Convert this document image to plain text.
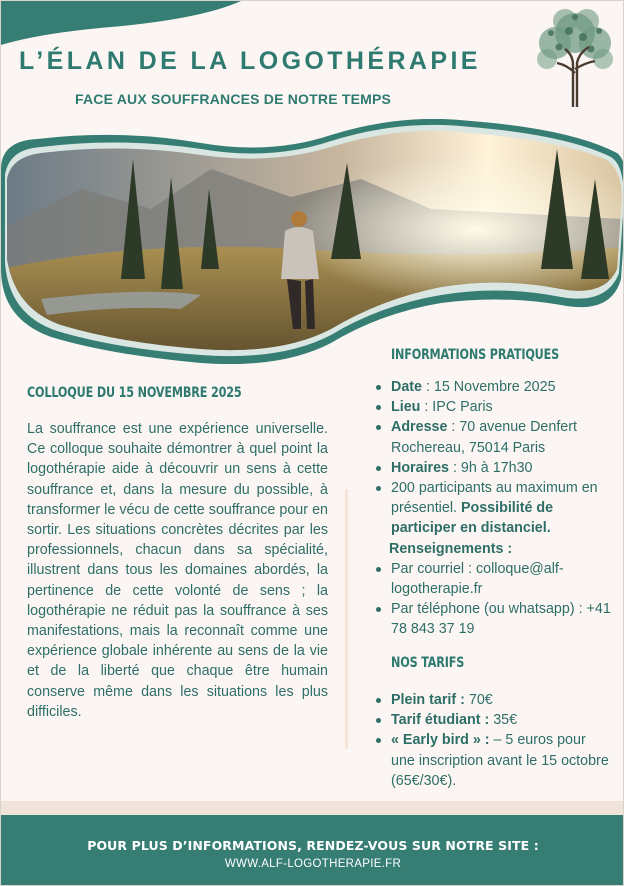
L’ÉLAN DE LA LOGOTHÉRAPIE
FACE AUX SOUFFRANCES DE NOTRE TEMPS
COLLOQUE DU 15 NOVEMBRE 2025
La souffrance est une expérience universelle. Ce colloque souhaite démontrer à quel point la logothérapie aide à découvrir un sens à cette souffrance et, dans la mesure du possible, à transformer le vécu de cette souffrance pour en sortir. Les situations concrètes décrites par les professionnels, chacun dans sa spécialité, illustrent dans tous les domaines abordés, la pertinence de cette volonté de sens ; la logothérapie ne réduit pas la souffrance à ses manifestations, mais la reconnaît comme une expérience globale inhérente au sens de la vie et de la liberté que chaque être humain conserve même dans les situations les plus difficiles.
INFORMATIONS PRATIQUES
Date : 15 Novembre 2025
Lieu : IPC Paris
Adresse : 70 avenue Denfert Rochereau, 75014 Paris
Horaires : 9h à 17h30
200 participants au maximum en présentiel. Possibilité de participer en distanciel.
Renseignements :
Par courriel : colloque@alf-logotherapie.fr
Par téléphone (ou whatsapp) : +41 78 843 37 19
NOS TARIFS
Plein tarif : 70€
Tarif étudiant : 35€
« Early bird » : – 5 euros pour une inscription avant le 15 octobre (65€/30€).
POUR PLUS D’INFORMATIONS, RENDEZ-VOUS SUR NOTRE SITE :
WWW.ALF-LOGOTHERAPIE.FR
